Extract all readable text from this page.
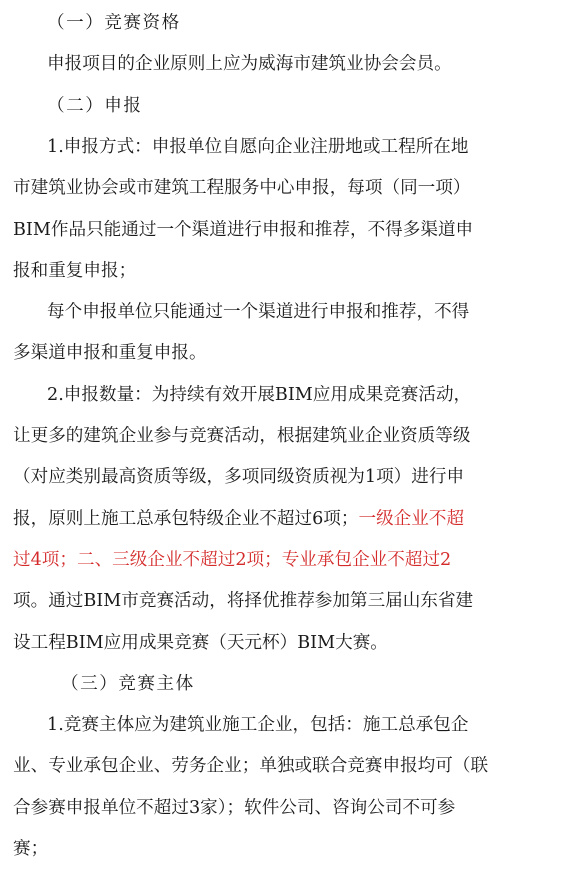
（一）竞赛资格
申报项目的企业原则上应为威海市建筑业协会会员。
（二）申报
1.申报方式：申报单位自愿向企业注册地或工程所在地
市建筑业协会或市建筑工程服务中心申报，每项（同一项）
BIM作品只能通过一个渠道进行申报和推荐，不得多渠道申
报和重复申报；
每个申报单位只能通过一个渠道进行申报和推荐，不得
多渠道申报和重复申报。
2.申报数量：为持续有效开展BIM应用成果竞赛活动，
让更多的建筑企业参与竞赛活动，根据建筑业企业资质等级
（对应类别最高资质等级，多项同级资质视为1项）进行申
报，原则上施工总承包特级企业不超过6项；一级企业不超
过4项；二、三级企业不超过2项；专业承包企业不超过2
项。通过BIM市竞赛活动，将择优推荐参加第三届山东省建
设工程BIM应用成果竞赛（天元杯）BIM大赛。
（三）竞赛主体
1.竞赛主体应为建筑业施工企业，包括：施工总承包企
业、专业承包企业、劳务企业；单独或联合竞赛申报均可（联
合参赛申报单位不超过3家）；软件公司、咨询公司不可参
赛；
